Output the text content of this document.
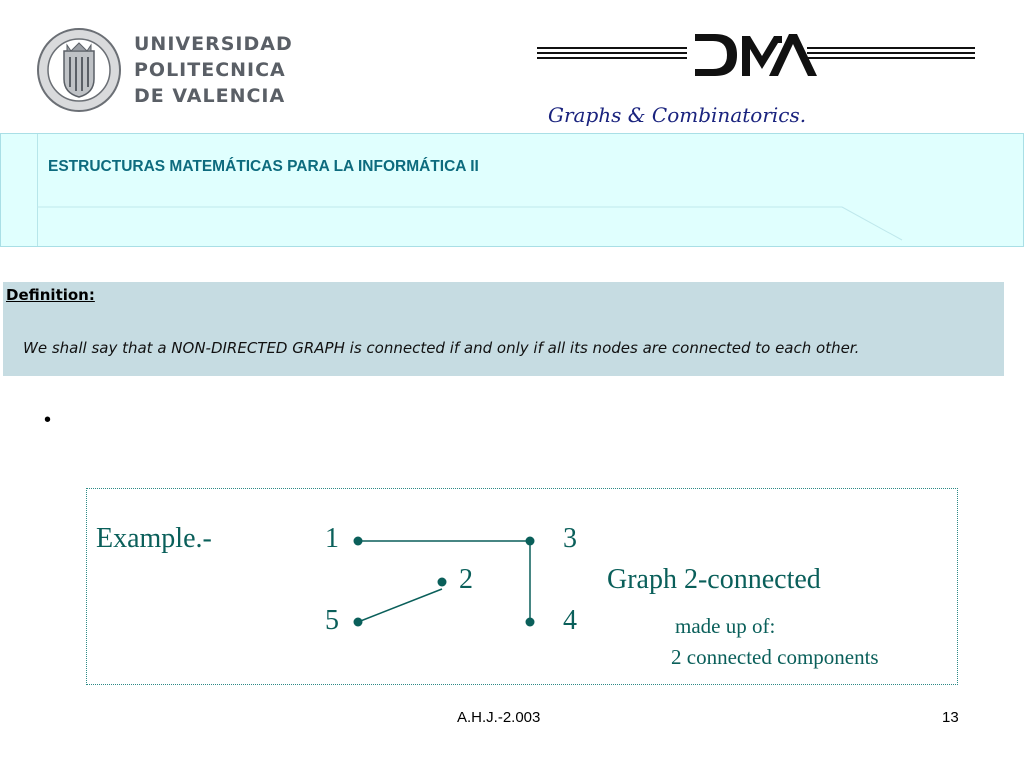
UNIVERSIDAD
POLITECNICA
DE VALENCIA
Graphs & Combinatorics.
ESTRUCTURAS MATEMÁTICAS PARA LA INFORMÁTICA II
Definition:
We shall say that a NON-DIRECTED GRAPH is connected if and only if all its nodes are connected to each other.
•
Example.-	1	3
2
5	4
Graph 2-connected
made up of:
2 connected components
A.H.J.-2.003	13
